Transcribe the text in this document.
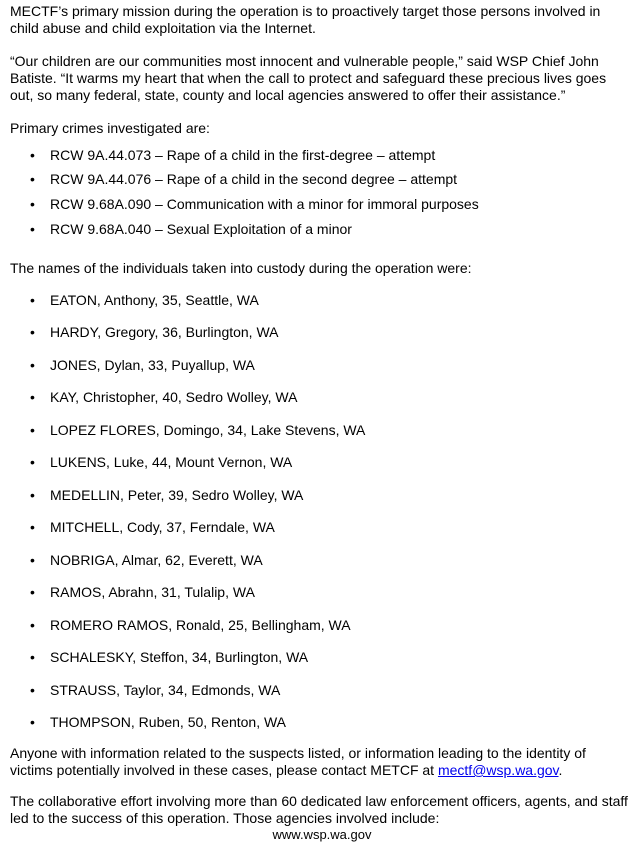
MECTF’s primary mission during the operation is to proactively target those persons involved in child abuse and child exploitation via the Internet.

“Our children are our communities most innocent and vulnerable people,” said WSP Chief John Batiste. “It warms my heart that when the call to protect and safeguard these precious lives goes out, so many federal, state, county and local agencies answered to offer their assistance.”

Primary crimes investigated are:

• RCW 9A.44.073 – Rape of a child in the first-degree – attempt
• RCW 9A.44.076 – Rape of a child in the second degree – attempt
• RCW 9.68A.090 – Communication with a minor for immoral purposes
• RCW 9.68A.040 – Sexual Exploitation of a minor

The names of the individuals taken into custody during the operation were:

• EATON, Anthony, 35, Seattle, WA
• HARDY, Gregory, 36, Burlington, WA
• JONES, Dylan, 33, Puyallup, WA
• KAY, Christopher, 40, Sedro Wolley, WA
• LOPEZ FLORES, Domingo, 34, Lake Stevens, WA
• LUKENS, Luke, 44, Mount Vernon, WA
• MEDELLIN, Peter, 39, Sedro Wolley, WA
• MITCHELL, Cody, 37, Ferndale, WA
• NOBRIGA, Almar, 62, Everett, WA
• RAMOS, Abrahn, 31, Tulalip, WA
• ROMERO RAMOS, Ronald, 25, Bellingham, WA
• SCHALESKY, Steffon, 34, Burlington, WA
• STRAUSS, Taylor, 34, Edmonds, WA
• THOMPSON, Ruben, 50, Renton, WA

Anyone with information related to the suspects listed, or information leading to the identity of victims potentially involved in these cases, please contact METCF at mectf@wsp.wa.gov.

The collaborative effort involving more than 60 dedicated law enforcement officers, agents, and staff led to the success of this operation. Those agencies involved include:

www.wsp.wa.gov
